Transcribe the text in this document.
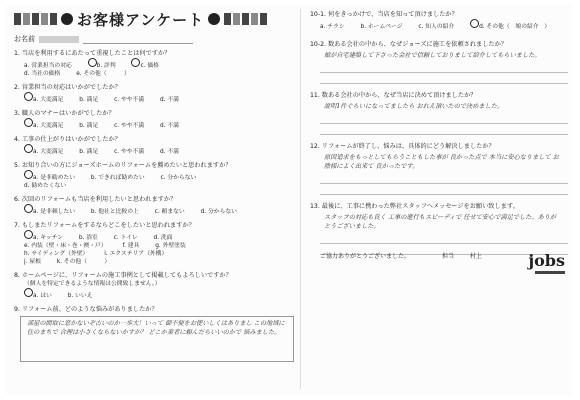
お客様アンケート
お名前
1. 当店を利用するにあたって重視したことは何ですか？
a. 営業担当の対応	b. 評判	c. 価格
d. 当社の価格	e. その他（　　　）
2. 営業担当の対応はいかがでしたか？
a. 大変満足	b. 満足	c. やや不満	d. 不満
3. 職人のマナーはいかがでしたか？
a. 大変満足	b. 満足	c. やや不満	d. 不満
4. 工事の仕上がりはいかがでしたか？
a. 大変満足	b. 満足	c. やや不満	d. 不満
5. お知り合いの方にジョーズホームのリフォームを薦めたいと思われますか？
a. 是非勧めたい	b. できれば勧めたい	c. 分からない
d. 勧めたくない
6. 次回のリフォームも当店を利用したいと思われますか？
a. 是非頼したい	b. 他社と比較の上	c. 頼まない	d. 分からない
7. もしまたリフォームをするならどこをしたいと思われますか？
a. キッチン	b. 浴室	c. トイレ	d. 洗面
e. 内装（壁・床・巻・襖・戸）	f. 建具	g. 外壁塗装
h. サイディング（外壁）	i. エクステリア（外構）
j. 屋根	k. その他（　　　）
8. ホームページに、リフォームの施工事例として掲載してもよろしいですか？
（個人を特定できるような情報は公開致しません。）
a. はい	b. いいえ
9. リフォーム前、どのような悩みがありましたか？
部屋の間取に窓かないぞ古いのか一歩大！いって 御不便をお使いしくはありまし この地域に住のまちで 合理は小さくならないかすか？ どこか業者に頼んだらいいのかで 悩みました。
10-1. 何をきっかけで、当店を知って頂けましたか？
a. チラシ	b. ホームページ	c. 知人の紹介	d. その他（　娘の紹介　）
10-2. 数ある会社の中から、なぜジョーズに施工を依頼されましたか？
娘が自宅建築して下さった会社で信頼しておりまして紹介してもらいました。
11. 数ある会社の中から、なぜ当店に決めて頂けましたか？
説明1件ぐらいになってましたら おれえ頂いたので決めました。
12. リフォームが終了し、悩みは、具体的にどう解決しましたか？
原因追求をもっとしてもらうこともした事が 良かった点で 本当に安心なりまして お陰様によく出来て 良かったです。
13. 最後に、工事に携わった弊社スタッフへメッセージをお願い致します。
スタッフの対応も良く 工事の進行もスピーディで 任せて安心で満足でした。ありがとうございました。
ご協力ありがとうございました。	担当	村上	jobs
